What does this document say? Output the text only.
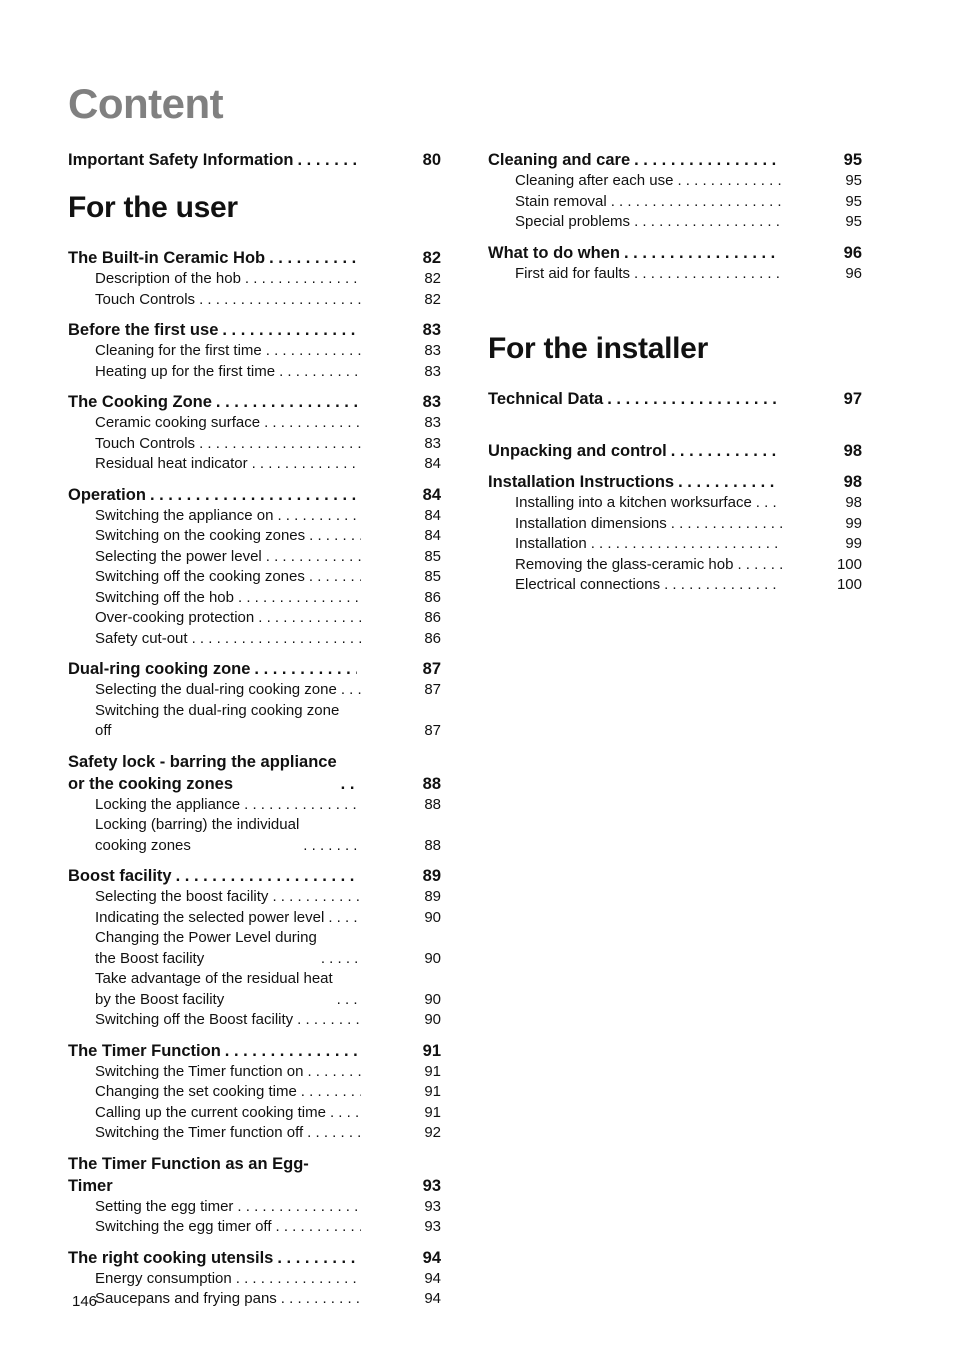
Content
Important Safety Information . . .	80
For the user
The Built-in Ceramic Hob . . .	82
Description of the hob . . .	82
Touch Controls . . .	82
Before the first use . . .	83
Cleaning for the first time . . .	83
Heating up for the first time . . .	83
The Cooking Zone . . .	83
Ceramic cooking surface . . .	83
Touch Controls . . .	83
Residual heat indicator . . .	84
Operation . . .	84
Switching the appliance on . . .	84
Switching on the cooking zones . . .	84
Selecting the power level . . .	85
Switching off the cooking zones . . .	85
Switching off the hob . . .	86
Over-cooking protection . . .	86
Safety cut-out . . .	86
Dual-ring cooking zone . . .	87
Selecting the dual-ring cooking zone . . .	87
Switching the dual-ring cooking zone off	87
Safety lock - barring the appliance
or the cooking zones . . .	88
Locking the appliance . . .	88
Locking (barring) the individual
cooking zones . . .	88
Boost facility . . .	89
Selecting the boost facility . . .	89
Indicating the selected power level . . .	90
Changing the Power Level during
the Boost facility . . .	90
Take advantage of the residual heat
by the Boost facility . . .	90
Switching off the Boost facility . . .	90
The Timer Function . . .	91
Switching the Timer function on . . .	91
Changing the set cooking time . . .	91
Calling up the current cooking time . . .	91
Switching the Timer function off . . .	92
The Timer Function as an Egg-Timer	93
Setting the egg timer . . .	93
Switching the egg timer off . . .	93
The right cooking utensils . . .	94
Energy consumption . . .	94
Saucepans and frying pans . . .	94
Cleaning and care . . .	95
Cleaning after each use . . .	95
Stain removal . . .	95
Special problems . . .	95
What to do when . . .	96
First aid for faults . . .	96
For the installer
Technical Data . . .	97
Unpacking and control . . .	98
Installation Instructions . . .	98
Installing into a kitchen worksurface . . .	98
Installation dimensions . . .	99
Installation . . .	99
Removing the glass-ceramic hob . . .	100
Electrical connections . . .	100
146
